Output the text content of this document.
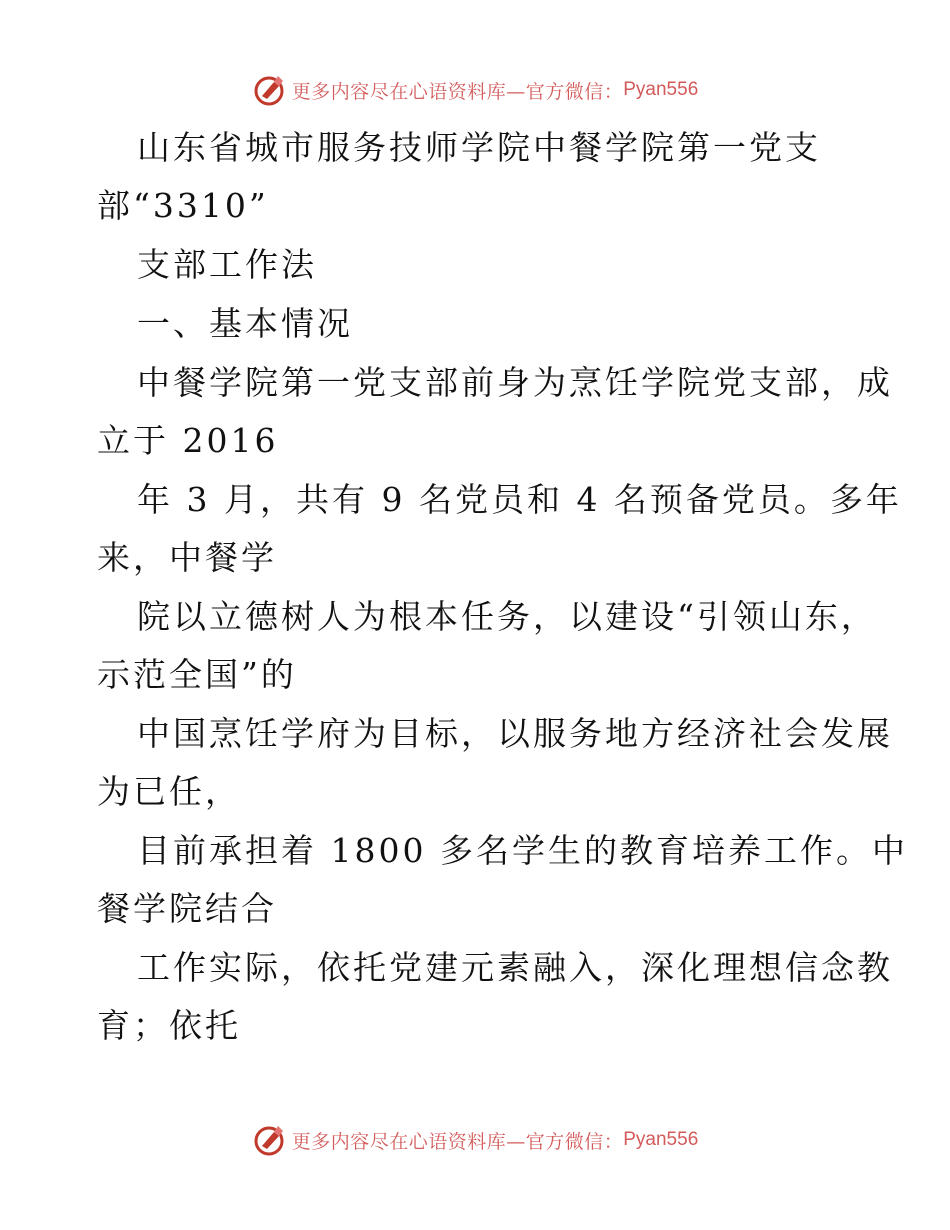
更多内容尽在心语资料库—官方微信： Pyan556
山东省城市服务技师学院中餐学院第一党支
部“3310”
支部工作法
一、基本情况
中餐学院第一党支部前身为烹饪学院党支部，成
立于 2016
年 3 月，共有 9 名党员和 4 名预备党员。多年
来，中餐学
院以立德树人为根本任务，以建设“引领山东，
示范全国”的
中国烹饪学府为目标，以服务地方经济社会发展
为已任，
目前承担着 1800 多名学生的教育培养工作。中
餐学院结合
工作实际，依托党建元素融入，深化理想信念教
育；依托
更多内容尽在心语资料库—官方微信： Pyan556
